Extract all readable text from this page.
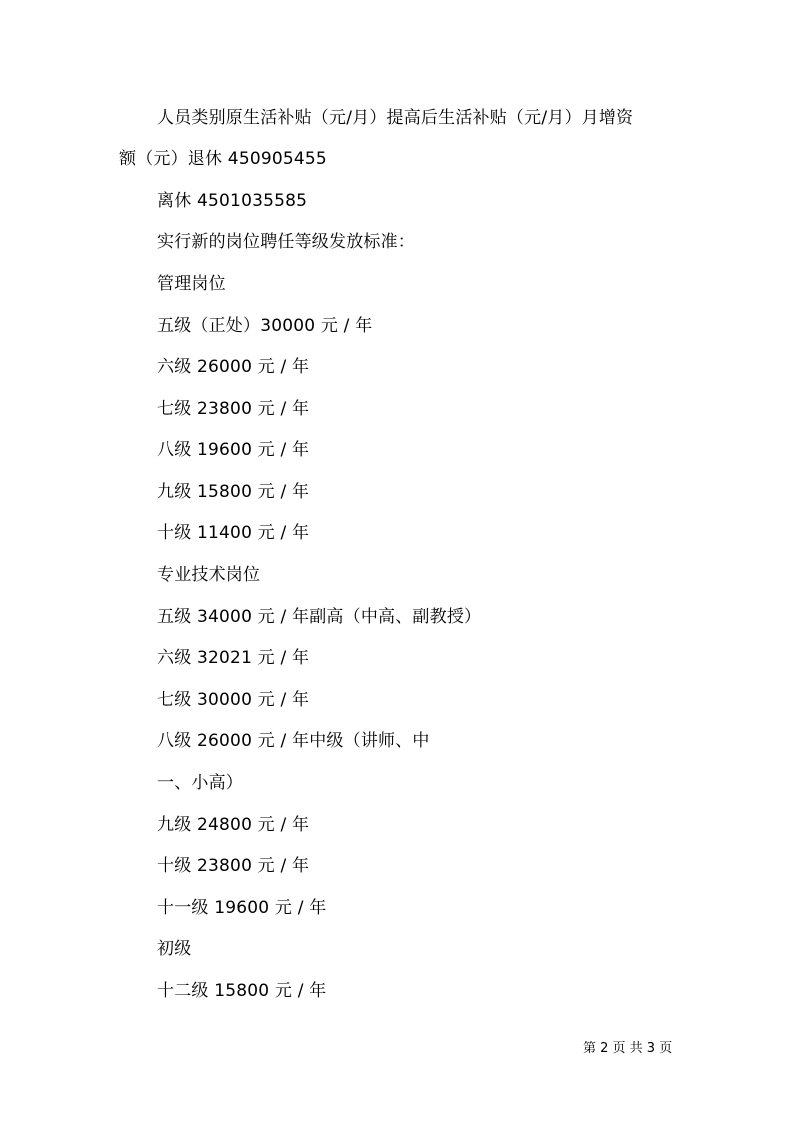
人员类别原生活补贴（元/月）提高后生活补贴（元/月）月增资
额（元）退休 450905455
离休 4501035585
实行新的岗位聘任等级发放标准：
管理岗位
五级（正处）30000 元 / 年
六级 26000 元 / 年
七级 23800 元 / 年
八级 19600 元 / 年
九级 15800 元 / 年
十级 11400 元 / 年
专业技术岗位
五级 34000 元 / 年副高（中高、副教授）
六级 32021 元 / 年
七级 30000 元 / 年
八级 26000 元 / 年中级（讲师、中
一、小高）
九级 24800 元 / 年
十级 23800 元 / 年
十一级 19600 元 / 年
初级
十二级 15800 元 / 年
第 2 页 共 3 页
